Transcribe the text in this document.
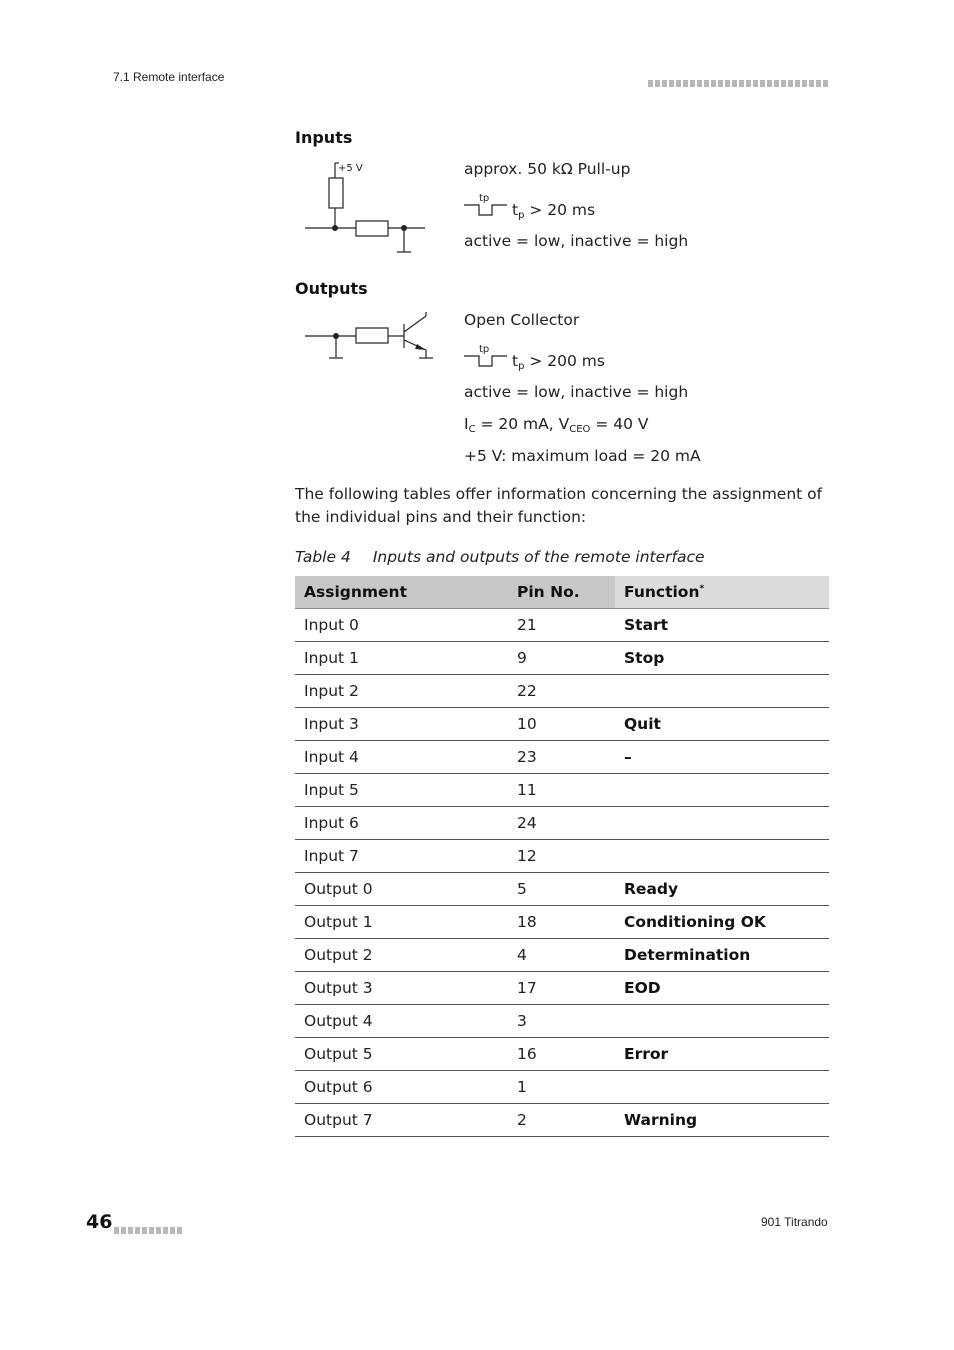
7.1 Remote interface
Inputs
+5 V	approx. 50 kΩ Pull-up
tp
$t_p > 20$ ms
active = low, inactive = high
Outputs
Open Collector
tp
$t_p > 200$ ms
active = low, inactive = high
$I_C = 20$ mA, $V_{CEO} = 40$ V
+5 V: maximum load = 20 mA
The following tables offer information concerning the assignment of the individual pins and their function:
Table 4 Inputs and outputs of the remote interface
Assignment	Pin No.	Function*
Input 0	21	Start
Input 1	9	Stop
Input 2	22	
Input 3	10	Quit
Input 4	23	–
Input 5	11	
Input 6	24	
Input 7	12	
Output 0	5	Ready
Output 1	18	Conditioning OK
Output 2	4	Determination
Output 3	17	EOD
Output 4	3	
Output 5	16	Error
Output 6	1	
Output 7	2	Warning
46	901 Titrando
